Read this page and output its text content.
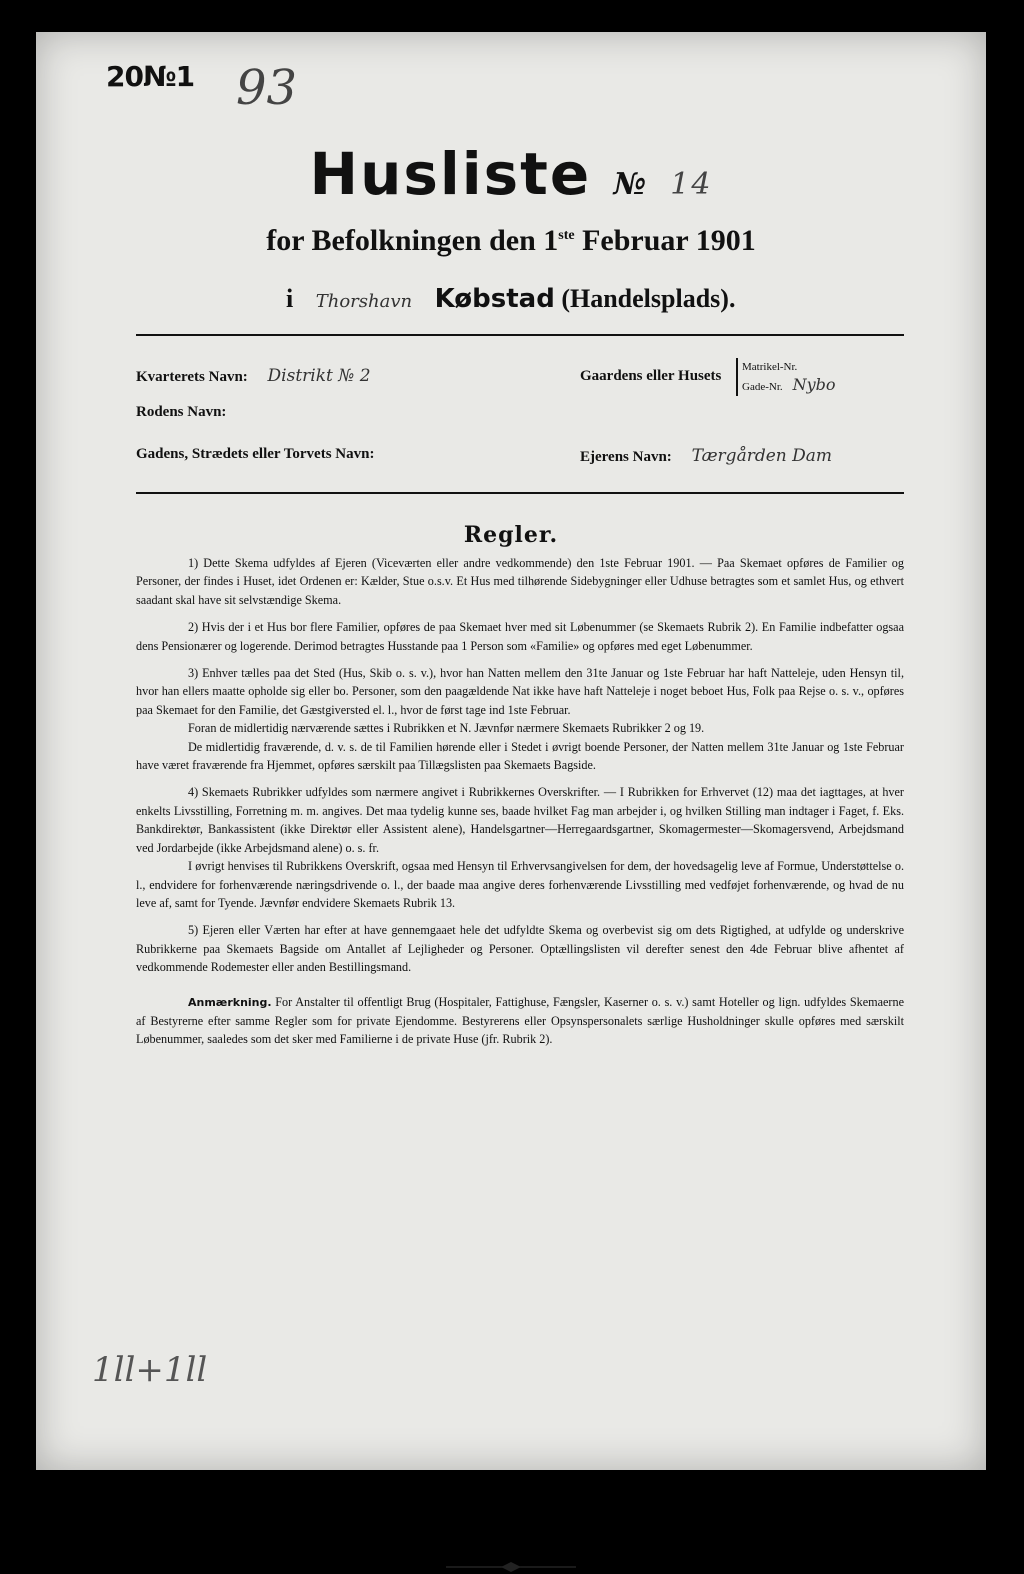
20№1 93
Husliste № 14
for Befolkningen den 1ste Februar 1901
i Thorshavn Købstad (Handelsplads).
Kvarterets Navn: Distrikt № 2	Gaardens eller Husets
Matrikel-Nr.
Gade-Nr. Nybo
Rodens Navn:
Gadens, Strædets eller Torvets Navn:	Ejerens Navn: Tærgården Dam
Regler.

1) Dette Skema udfyldes af Ejeren (Viceværten eller andre vedkommende) den 1ste Februar 1901. — Paa Skemaet opføres de Familier og Personer, der findes i Huset, idet Ordenen er: Kælder, Stue o.s.v. Et Hus med tilhørende Sidebygninger eller Udhuse betragtes som et samlet Hus, og ethvert saadant skal have sit selvstændige Skema.

2) Hvis der i et Hus bor flere Familier, opføres de paa Skemaet hver med sit Løbenummer (se Skemaets Rubrik 2). En Familie indbefatter ogsaa dens Pensionærer og logerende. Derimod betragtes Husstande paa 1 Person som «Familie» og opføres med eget Løbenummer.

3) Enhver tælles paa det Sted (Hus, Skib o. s. v.), hvor han Natten mellem den 31te Januar og 1ste Februar har haft Natteleje, uden Hensyn til, hvor han ellers maatte opholde sig eller bo. Personer, som den paagældende Nat ikke have haft Natteleje i noget beboet Hus, Folk paa Rejse o. s. v., opføres paa Skemaet for den Familie, det Gæstgiversted el. l., hvor de først tage ind 1ste Februar.

Foran de midlertidig nærværende sættes i Rubrikken et N. Jævnfør nærmere Skemaets Rubrikker 2 og 19.

De midlertidig fraværende, d. v. s. de til Familien hørende eller i Stedet i øvrigt boende Personer, der Natten mellem 31te Januar og 1ste Februar have været fraværende fra Hjemmet, opføres særskilt paa Tillægslisten paa Skemaets Bagside.

4) Skemaets Rubrikker udfyldes som nærmere angivet i Rubrikkernes Overskrifter. — I Rubrikken for Erhvervet (12) maa det iagttages, at hver enkelts Livsstilling, Forretning m. m. angives. Det maa tydelig kunne ses, baade hvilket Fag man arbejder i, og hvilken Stilling man indtager i Faget, f. Eks. Bankdirektør, Bankassistent (ikke Direktør eller Assistent alene), Handelsgartner—Herregaardsgartner, Skomagermester—Skomagersvend, Arbejdsmand ved Jordarbejde (ikke Arbejdsmand alene) o. s. fr.

I øvrigt henvises til Rubrikkens Overskrift, ogsaa med Hensyn til Erhvervsangivelsen for dem, der hovedsagelig leve af Formue, Understøttelse o. l., endvidere for forhenværende næringsdrivende o. l., der baade maa angive deres forhenværende Livsstilling med vedføjet forhenværende, og hvad de nu leve af, samt for Tyende. Jævnfør endvidere Skemaets Rubrik 13.

5) Ejeren eller Værten har efter at have gennemgaaet hele det udfyldte Skema og overbevist sig om dets Rigtighed, at udfylde og underskrive Rubrikkerne paa Skemaets Bagside om Antallet af Lejligheder og Personer. Optællingslisten vil derefter senest den 4de Februar blive afhentet af vedkommende Rodemester eller anden Bestillingsmand.

Anmærkning. For Anstalter til offentligt Brug (Hospitaler, Fattighuse, Fængsler, Kaserner o. s. v.) samt Hoteller og lign. udfyldes Skemaerne af Bestyrerne efter samme Regler som for private Ejendomme. Bestyrerens eller Opsynspersonalets særlige Husholdninger skulle opføres med særskilt Løbenummer, saaledes som det sker med Familierne i de private Huse (jfr. Rubrik 2).

1ll+1ll
